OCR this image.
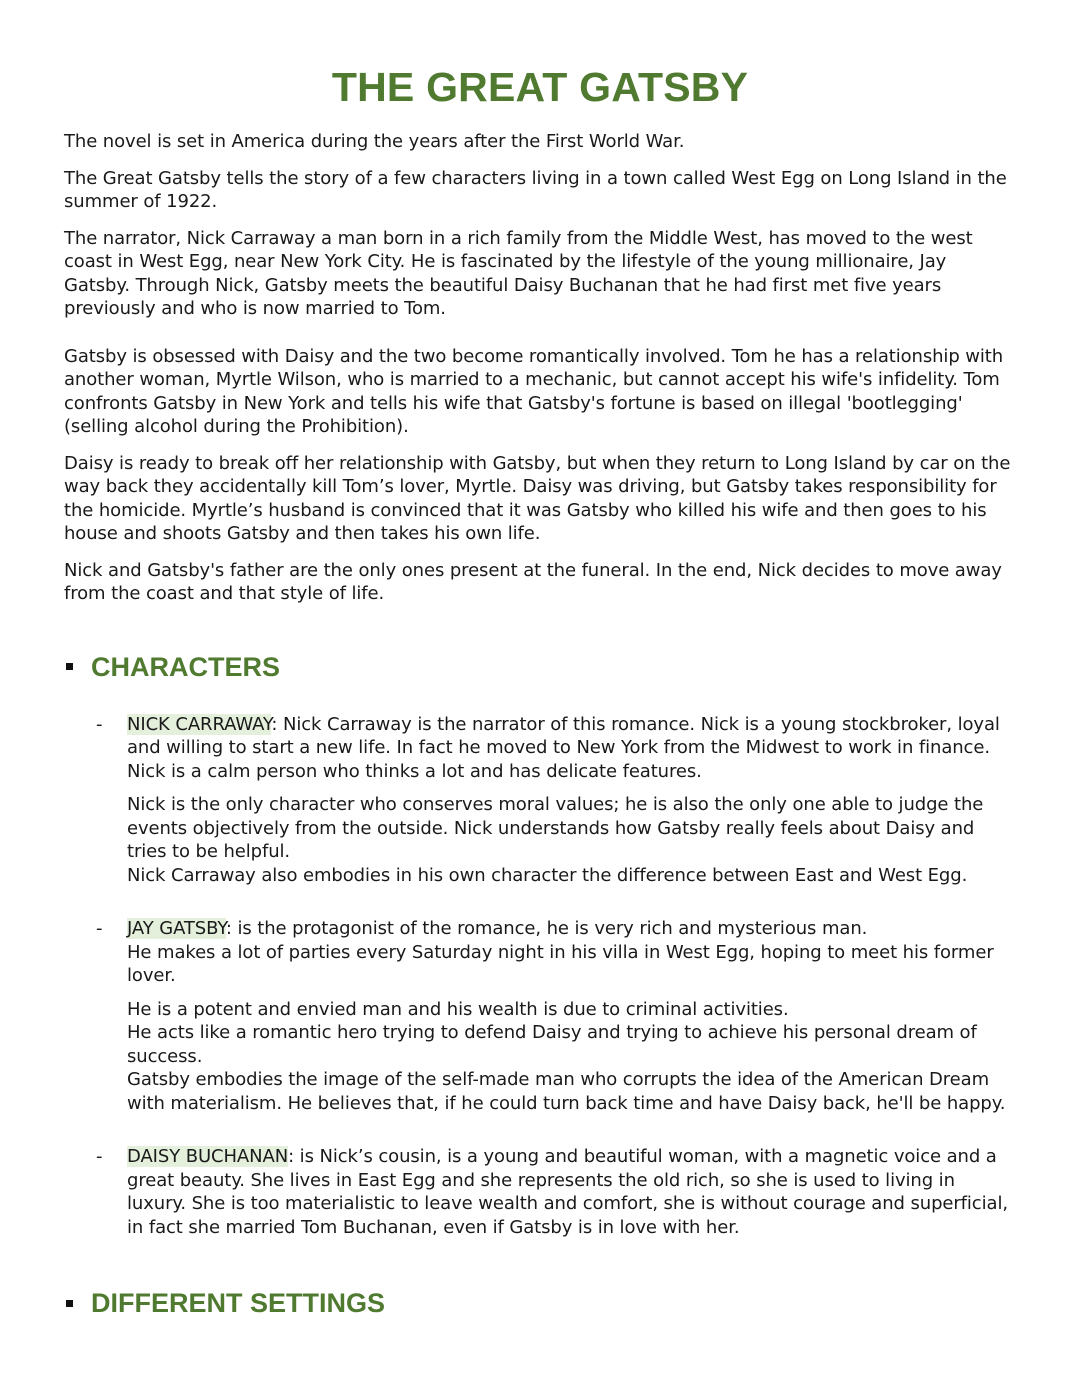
THE GREAT GATSBY

The novel is set in America during the years after the First World War.

The Great Gatsby tells the story of a few characters living in a town called West Egg on Long Island in the summer of 1922.

The narrator, Nick Carraway a man born in a rich family from the Middle West, has moved to the west coast in West Egg, near New York City. He is fascinated by the lifestyle of the young millionaire, Jay Gatsby. Through Nick, Gatsby meets the beautiful Daisy Buchanan that he had first met five years previously and who is now married to Tom.

Gatsby is obsessed with Daisy and the two become romantically involved. Tom he has a relationship with another woman, Myrtle Wilson, who is married to a mechanic, but cannot accept his wife's infidelity. Tom confronts Gatsby in New York and tells his wife that Gatsby's fortune is based on illegal 'bootlegging' (selling alcohol during the Prohibition).

Daisy is ready to break off her relationship with Gatsby, but when they return to Long Island by car on the way back they accidentally kill Tom’s lover, Myrtle. Daisy was driving, but Gatsby takes responsibility for the homicide. Myrtle’s husband is convinced that it was Gatsby who killed his wife and then goes to his house and shoots Gatsby and then takes his own life.

Nick and Gatsby's father are the only ones present at the funeral. In the end, Nick decides to move away from the coast and that style of life.

CHARACTERS
- NICK CARRAWAY: Nick Carraway is the narrator of this romance. Nick is a young stockbroker, loyal and willing to start a new life. In fact he moved to New York from the Midwest to work in finance. Nick is a calm person who thinks a lot and has delicate features.

Nick is the only character who conserves moral values; he is also the only one able to judge the events objectively from the outside. Nick understands how Gatsby really feels about Daisy and tries to be helpful.
Nick Carraway also embodies in his own character the difference between East and West Egg.

- JAY GATSBY: is the protagonist of the romance, he is very rich and mysterious man.
He makes a lot of parties every Saturday night in his villa in West Egg, hoping to meet his former lover.

He is a potent and envied man and his wealth is due to criminal activities.
He acts like a romantic hero trying to defend Daisy and trying to achieve his personal dream of success.
Gatsby embodies the image of the self-made man who corrupts the idea of the American Dream with materialism. He believes that, if he could turn back time and have Daisy back, he'll be happy.

- DAISY BUCHANAN: is Nick’s cousin, is a young and beautiful woman, with a magnetic voice and a great beauty. She lives in East Egg and she represents the old rich, so she is used to living in luxury. She is too materialistic to leave wealth and comfort, she is without courage and superficial, in fact she married Tom Buchanan, even if Gatsby is in love with her.

DIFFERENT SETTINGS
